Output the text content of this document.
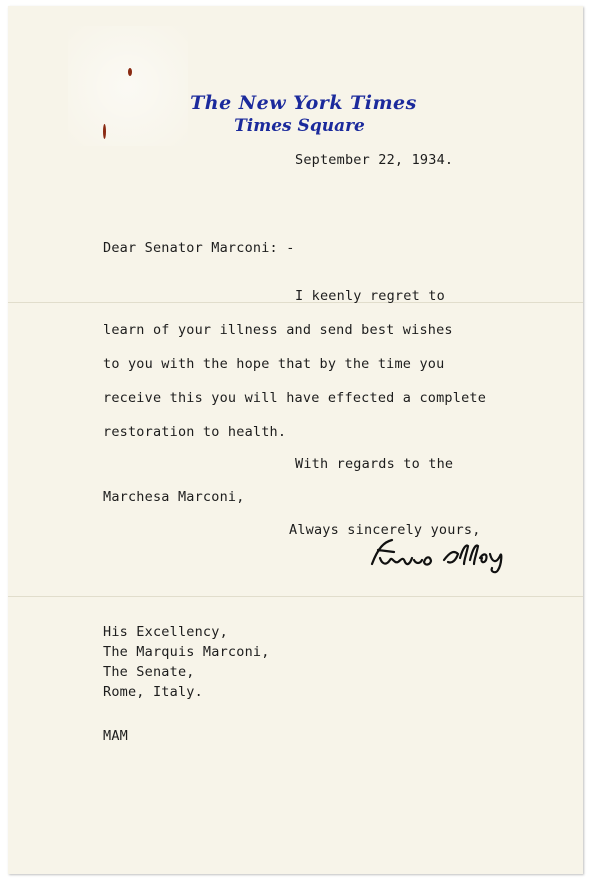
The New York Times
Times Square
September 22, 1934.
Dear Senator Marconi: -
I keenly regret to
learn of your illness and send best wishes
to you with the hope that by the time you
receive this you will have effected a complete
restoration to health.
With regards to the
Marchesa Marconi,
Always sincerely yours,
His Excellency,
The Marquis Marconi,
The Senate,
Rome, Italy.
MAM
